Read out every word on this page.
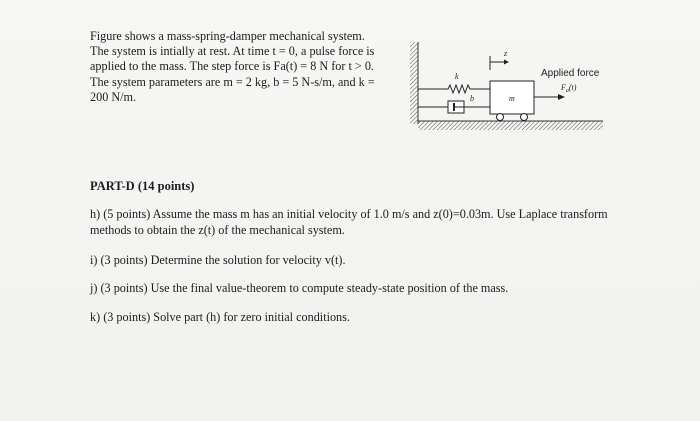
Figure shows a mass-spring-damper mechanical system.
The system is intially at rest. At time t = 0, a pulse force is
applied to the mass. The step force is Fa(t) = 8 N for t > 0.
The system parameters are m = 2 kg, b = 5 N-s/m, and k =
200 N/m.

k
b	m
z
Applied force
$F_a(t)$

PART-D (14 points)

h) (5 points) Assume the mass m has an initial velocity of 1.0 m/s and z(0)=0.03m. Use Laplace transform
methods to obtain the z(t) of the mechanical system.

i) (3 points) Determine the solution for velocity v(t).

j) (3 points) Use the final value-theorem to compute steady-state position of the mass.

k) (3 points) Solve part (h) for zero initial conditions.
